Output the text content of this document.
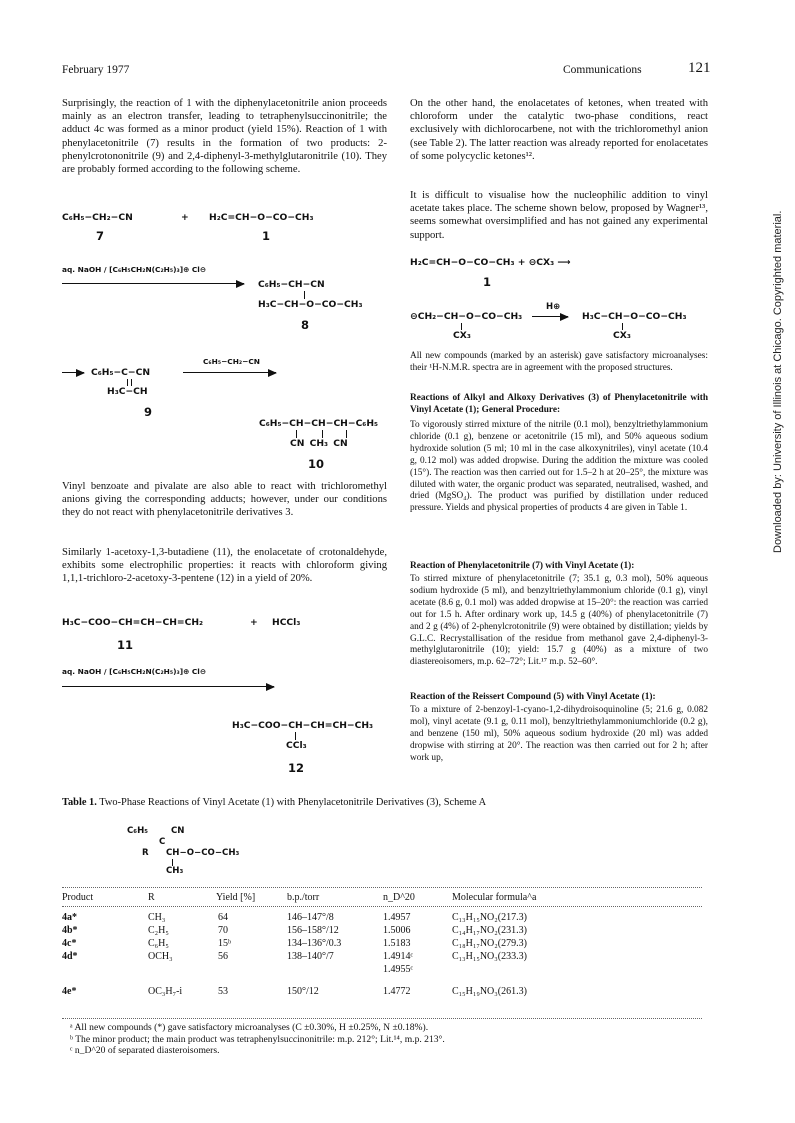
February 1977	Communications	121
Downloaded by: University of Illinois at Chicago. Copyrighted material.

Surprisingly, the reaction of 1 with the diphenylacetonitrile anion proceeds mainly as an electron transfer, leading to tetraphenylsuccinonitrile; the adduct 4c was formed as a minor product (yield 15%). Reaction of 1 with phenylacetonitrile (7) results in the formation of two products: 2-phenylcrotononitrile (9) and 2,4-diphenyl-3-methylglutaronitrile (10). They are probably formed according to the following scheme.

C₆H₅−CH₂−CN	+ H₂C=CH−O−CO−CH₃
7	1
aq. NaOH / [C₆H₅CH₂N(C₂H₅)₃]⊕ Cl⊖
C₆H₅−CH−CN
H₃C−CH−O−CO−CH₃
8
C₆H₅−C−CN
H₃C−CH
9
C₆H₅−CH₂−CN
C₆H₅−CH−CH−CH−C₆H₅
CN CH₃ CN
10

Vinyl benzoate and pivalate are also able to react with trichloromethyl anions giving the corresponding adducts; however, under our conditions they do not react with phenylacetonitrile derivatives 3.

Similarly 1-acetoxy-1,3-butadiene (11), the enolacetate of crotonaldehyde, exhibits some electrophilic properties: it reacts with chloroform giving 1,1,1-trichloro-2-acetoxy-3-pentene (12) in a yield of 20%.

H₃C−COO−CH=CH−CH=CH₂	+ HCCl₃
11
aq. NaOH / [C₆H₅CH₂N(C₂H₅)₃]⊕ Cl⊖
H₃C−COO−CH−CH=CH−CH₃
CCl₃
12

On the other hand, the enolacetates of ketones, when treated with chloroform under the catalytic two-phase conditions, react exclusively with dichlorocarbene, not with the trichloromethyl anion (see Table 2). The latter reaction was already reported for enolacetates of some polycyclic ketones¹².

It is difficult to visualise how the nucleophilic addition to vinyl acetate takes place. The scheme shown below, proposed by Wagner¹³, seems somewhat oversimplified and has not gained any experimental support.

H₂C=CH−O−CO−CH₃ + ⊖CX₃ ⟶
1
⊖CH₂−CH−O−CO−CH₃
CX₃
H⊕
H₃C−CH−O−CO−CH₃
CX₃

All new compounds (marked by an asterisk) gave satisfactory microanalyses: their ¹H-N.M.R. spectra are in agreement with the proposed structures.

Reactions of Alkyl and Alkoxy Derivatives (3) of Phenylacetonitrile with Vinyl Acetate (1); General Procedure:

To vigorously stirred mixture of the nitrile (0.1 mol), benzyltriethylammonium chloride (0.1 g), benzene or acetonitrile (15 ml), and 50% aqueous sodium hydroxide solution (5 ml; 10 ml in the case alkoxynitriles), vinyl acetate (10.4 g, 0.12 mol) was added dropwise. During the addition the mixture was cooled (15°). The reaction was then carried out for 1.5–2 h at 20–25°, the mixture was diluted with water, the organic product was separated, neutralised, washed, and dried (MgSO₄). The product was purified by distillation under reduced pressure. Yields and physical properties of products 4 are given in Table 1.

Reaction of Phenylacetonitrile (7) with Vinyl Acetate (1):

To stirred mixture of phenylacetonitrile (7; 35.1 g, 0.3 mol), 50% aqueous sodium hydroxide (5 ml), and benzyltriethylammonium chloride (0.1 g), vinyl acetate (8.6 g, 0.1 mol) was added dropwise at 15–20°: the reaction was carried out for 1.5 h. After ordinary work up, 14.5 g (40%) of phenylacetonitrile (7) and 2 g (4%) of 2-phenylcrotonitrile (9) were obtained by distillation; yields by G.L.C. Recrystallisation of the residue from methanol gave 2,4-diphenyl-3-methylglutaronitrile (10); yield: 15.7 g (40%) as a mixture of two diastereoisomers, m.p. 62–72°; Lit.¹⁷ m.p. 52–60°.

Reaction of the Reissert Compound (5) with Vinyl Acetate (1):

To a mixture of 2-benzoyl-1-cyano-1,2-dihydroisoquinoline (5; 21.6 g, 0.082 mol), vinyl acetate (9.1 g, 0.11 mol), benzyltriethylammoniumchloride (0.2 g), and benzene (150 ml), 50% aqueous sodium hydroxide (20 ml) was added dropwise with stirring at 20°. The reaction was then carried out for 2 h; after work up,

Table 1. Two-Phase Reactions of Vinyl Acetate (1) with Phenylacetonitrile Derivatives (3), Scheme A
C₆H₅	CN
C
R CH−O−CO−CH₃
CH₃
Product	R	Yield [%]	b.p./torr	n_D^20	Molecular formula^a
4a*	CH₃	64	146–147°/8	1.4957	C₁₃H₁₅NO₂(217.3)
4b*	C₂H₅	70	156–158°/12	1.5006	C₁₄H₁₇NO₂(231.3)
4c*	C₆H₅	15ᵇ	134–136°/0.3	1.5183	C₁₈H₁₇NO₂(279.3)
4d*	OCH₃	56	138–140°/7	1.4914ᶜ	C₁₃H₁₅NO₃(233.3)
1.4955ᶜ
4e*	OC₃H₇-i	53	150°/12	1.4772	C₁₅H₁₉NO₃(261.3)
ᵃ All new compounds (*) gave satisfactory microanalyses (C ±0.30%, H ±0.25%, N ±0.18%).
ᵇ The minor product; the main product was tetraphenylsuccinonitrile: m.p. 212°; Lit.¹⁴, m.p. 213°.
ᶜ n_D^20 of separated diasteroisomers.
